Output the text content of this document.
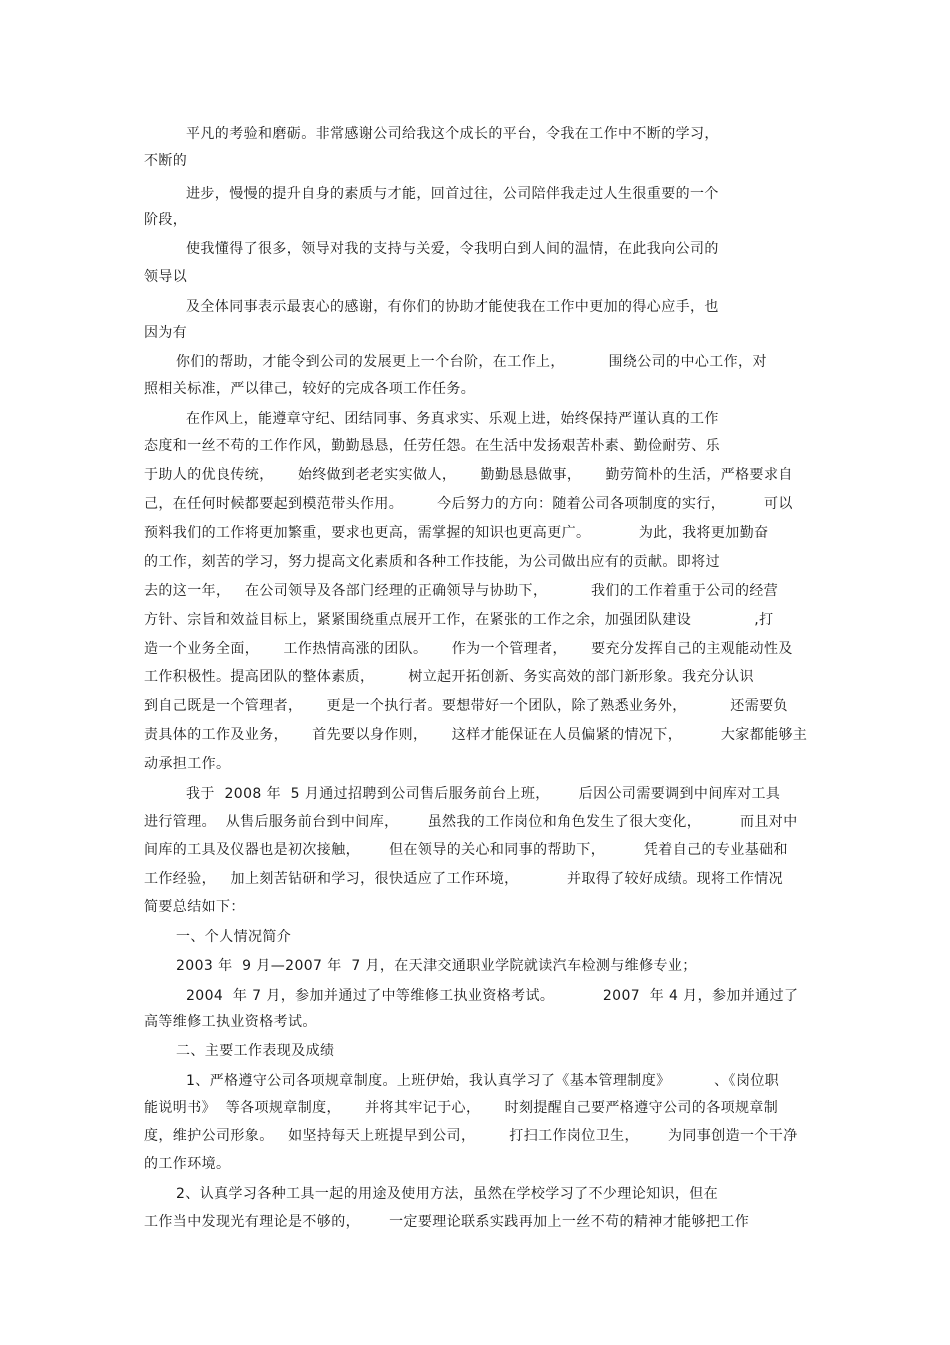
平凡的考验和磨砺。非常感谢公司给我这个成长的平台，令我在工作中不断的学习，
不断的
进步，慢慢的提升自身的素质与才能，回首过往，公司陪伴我走过人生很重要的一个
阶段，
使我懂得了很多，领导对我的支持与关爱，令我明白到人间的温情，在此我向公司的
领导以
及全体同事表示最衷心的感谢，有你们的协助才能使我在工作中更加的得心应手，也
因为有
你们的帮助，才能令到公司的发展更上一个台阶，在工作上，         围绕公司的中心工作，对
照相关标准，严以律己，较好的完成各项工作任务。
在作风上，能遵章守纪、团结同事、务真求实、乐观上进，始终保持严谨认真的工作
态度和一丝不苟的工作作风，勤勤恳恳，任劳任怨。在生活中发扬艰苦朴素、勤俭耐劳、乐
于助人的优良传统，     始终做到老老实实做人，     勤勤恳恳做事，     勤劳简朴的生活，严格要求自
己，在任何时候都要起到模范带头作用。       今后努力的方向：随着公司各项制度的实行，        可以
预料我们的工作将更加繁重，要求也更高，需掌握的知识也更高更广。          为此，我将更加勤奋
的工作，刻苦的学习，努力提高文化素质和各种工作技能，为公司做出应有的贡献。即将过
去的这一年，   在公司领导及各部门经理的正确领导与协助下，         我们的工作着重于公司的经营
方针、宗旨和效益目标上，紧紧围绕重点展开工作，在紧张的工作之余，加强团队建设             ,打
造一个业务全面，     工作热情高涨的团队。     作为一个管理者，     要充分发挥自己的主观能动性及
工作积极性。提高团队的整体素质，       树立起开拓创新、务实高效的部门新形象。我充分认识
到自己既是一个管理者，     更是一个执行者。要想带好一个团队，除了熟悉业务外，         还需要负
责具体的工作及业务，     首先要以身作则，     这样才能保证在人员偏紧的情况下，        大家都能够主
动承担工作。
我于  2008 年  5 月通过招聘到公司售后服务前台上班，      后因公司需要调到中间库对工具
进行管理。  从售后服务前台到中间库，      虽然我的工作岗位和角色发生了很大变化，        而且对中
间库的工具及仪器也是初次接触，      但在领导的关心和同事的帮助下，        凭着自己的专业基础和
工作经验，   加上刻苦钻研和学习，很快适应了工作环境，          并取得了较好成绩。现将工作情况
简要总结如下：
一、个人情况简介
2003 年  9 月—2007 年  7 月，在天津交通职业学院就读汽车检测与维修专业；
2004  年 7 月，参加并通过了中等维修工执业资格考试。          2007  年 4 月，参加并通过了
高等维修工执业资格考试。
二、主要工作表现及成绩
1、严格遵守公司各项规章制度。上班伊始，我认真学习了《基本管理制度》         、《岗位职
能说明书》  等各项规章制度，     并将其牢记于心，     时刻提醒自己要严格遵守公司的各项规章制
度，维护公司形象。   如坚持每天上班提早到公司，       打扫工作岗位卫生，      为同事创造一个干净
的工作环境。
2、认真学习各种工具一起的用途及使用方法，虽然在学校学习了不少理论知识，但在
工作当中发现光有理论是不够的，      一定要理论联系实践再加上一丝不苟的精神才能够把工作
